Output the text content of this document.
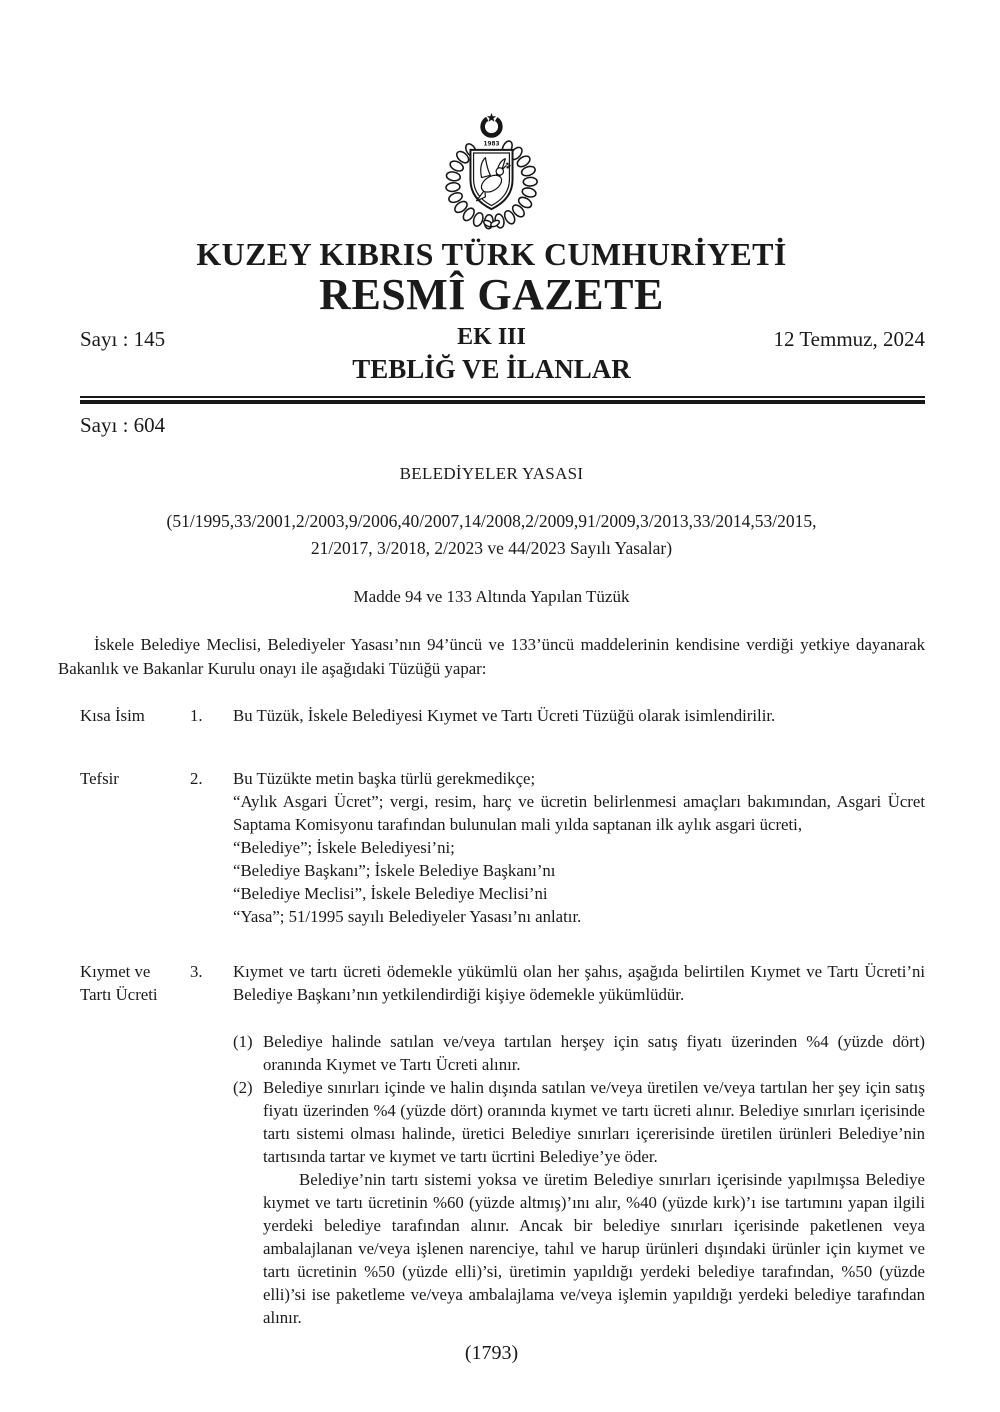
1983
KUZEY KIBRIS TÜRK CUMHURİYETİ
RESMÎ GAZETE
Sayı : 145	EK III	12 Temmuz, 2024
TEBLİĞ VE İLANLAR
Sayı : 604
BELEDİYELER YASASI
(51/1995,33/2001,2/2003,9/2006,40/2007,14/2008,2/2009,91/2009,3/2013,33/2014,53/2015,
21/2017, 3/2018, 2/2023 ve 44/2023 Sayılı Yasalar)
Madde 94 ve 133 Altında Yapılan Tüzük

İskele Belediye Meclisi, Belediyeler Yasası’nın 94’üncü ve 133’üncü maddelerinin kendisine verdiği yetkiye dayanarak Bakanlık ve Bakanlar Kurulu onayı ile aşağıdaki Tüzüğü yapar:

Kısa İsim	1.	Bu Tüzük, İskele Belediyesi Kıymet ve Tartı Ücreti Tüzüğü olarak isimlendirilir.
Tefsir	2.	Bu Tüzükte metin başka türlü gerekmedikçe;
“Aylık Asgari Ücret”; vergi, resim, harç ve ücretin belirlenmesi amaçları bakımından, Asgari Ücret Saptama Komisyonu tarafından bulunulan mali yılda saptanan ilk aylık asgari ücreti,
“Belediye”; İskele Belediyesi’ni;
“Belediye Başkanı”; İskele Belediye Başkanı’nı
“Belediye Meclisi”, İskele Belediye Meclisi’ni
“Yasa”; 51/1995 sayılı Belediyeler Yasası’nı anlatır.
Kıymet ve Tartı Ücreti
3.	Kıymet ve tartı ücreti ödemekle yükümlü olan her şahıs, aşağıda belirtilen Kıymet ve Tartı Ücreti’ni Belediye Başkanı’nın yetkilendirdiği kişiye ödemekle yükümlüdür.
(1) Belediye halinde satılan ve/veya tartılan herşey için satış fiyatı üzerinden %4 (yüzde dört) oranında Kıymet ve Tartı Ücreti alınır.
(2) Belediye sınırları içinde ve halin dışında satılan ve/veya üretilen ve/veya tartılan her şey için satış fiyatı üzerinden %4 (yüzde dört) oranında kıymet ve tartı ücreti alınır. Belediye sınırları içerisinde tartı sistemi olması halinde, üretici Belediye sınırları içererisinde üretilen ürünleri Belediye’nin tartısında tartar ve kıymet ve tartı ücrtini Belediye’ye öder.

Belediye’nin tartı sistemi yoksa ve üretim Belediye sınırları içerisinde yapılmışsa Belediye kıymet ve tartı ücretinin %60 (yüzde altmış)’ını alır, %40 (yüzde kırk)’ı ise tartımını yapan ilgili yerdeki belediye tarafından alınır. Ancak bir belediye sınırları içerisinde paketlenen veya ambalajlanan ve/veya işlenen narenciye, tahıl ve harup ürünleri dışındaki ürünler için kıymet ve tartı ücretinin %50 (yüzde elli)’si, üretimin yapıldığı yerdeki belediye tarafından, %50 (yüzde elli)’si ise paketleme ve/veya ambalajlama ve/veya işlemin yapıldığı yerdeki belediye tarafından alınır.

(1793)
